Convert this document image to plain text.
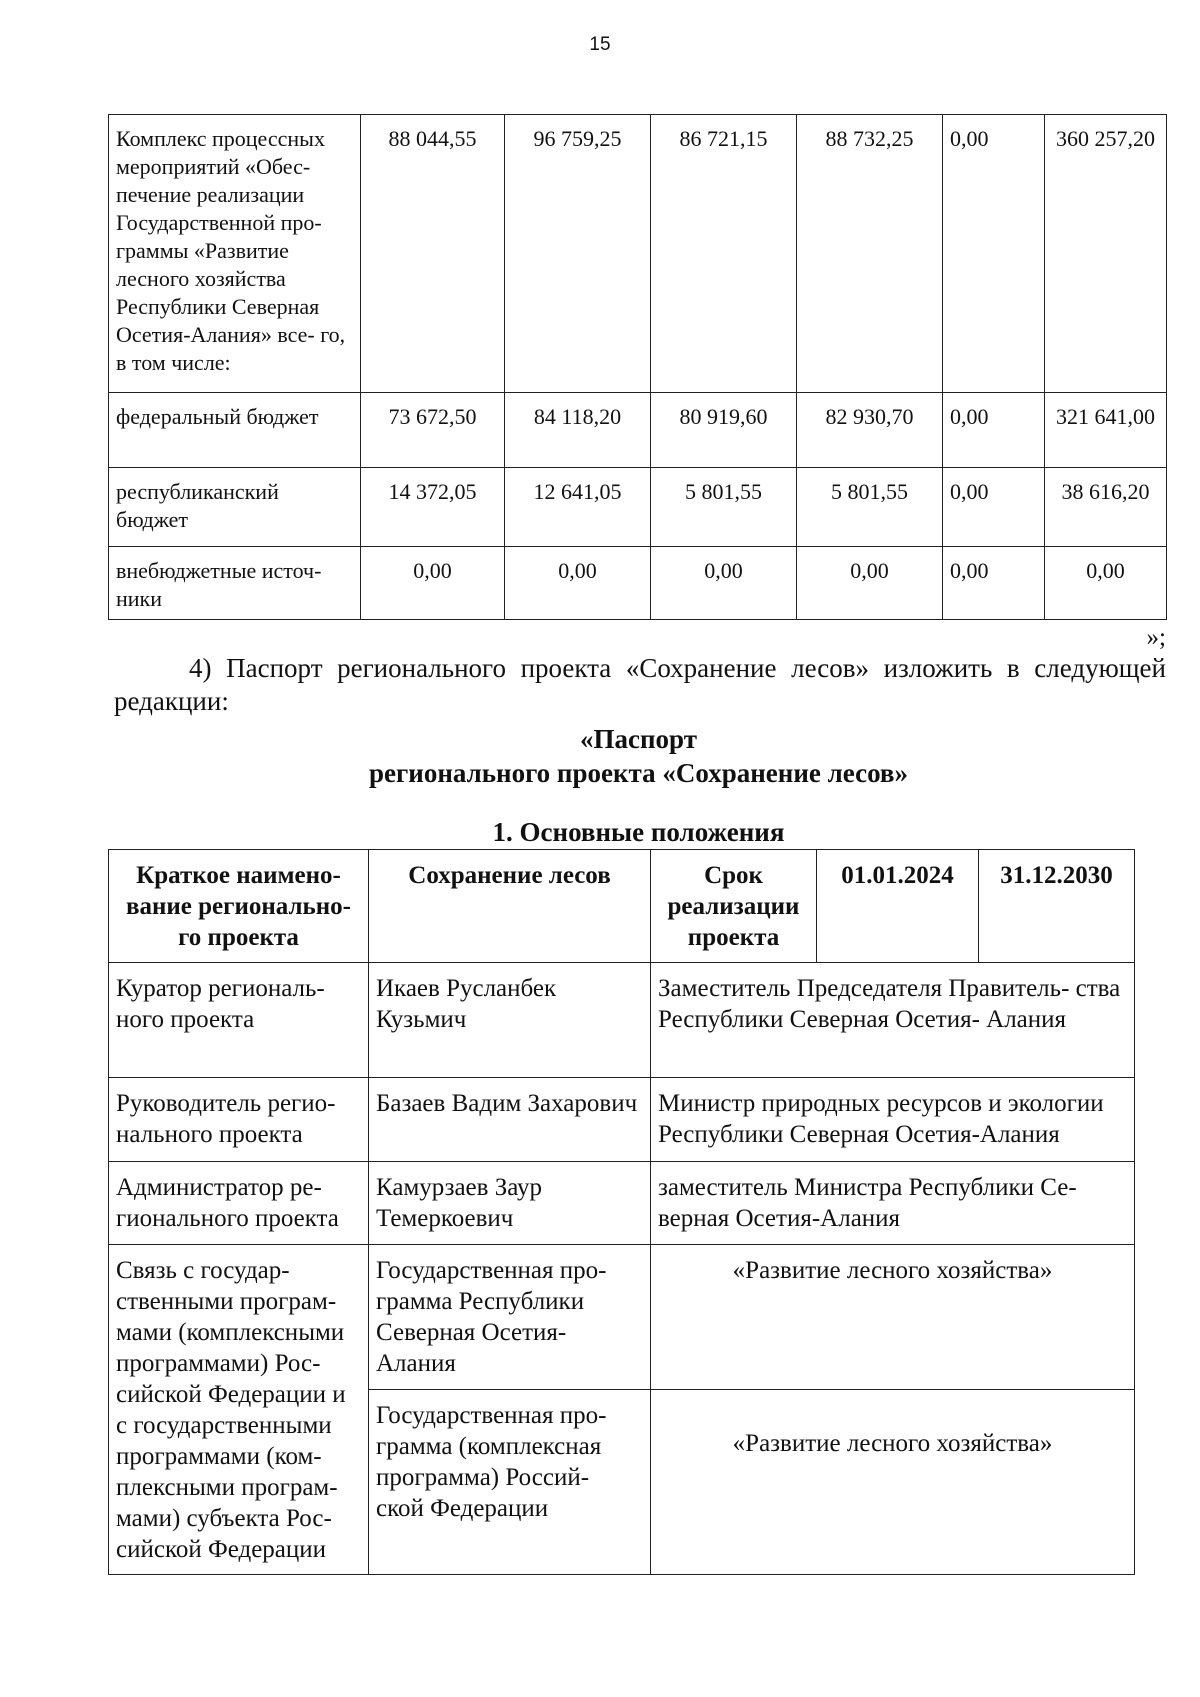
15
Комплекс процессных мероприятий «Обес- печение реализации Государственной про- граммы «Развитие лесного хозяйства Республики Северная Осетия-Алания» все- го, в том числе:	88 044,55	96 759,25	86 721,15	88 732,25	0,00	360 257,20
федеральный бюджет	73 672,50	84 118,20	80 919,60	82 930,70	0,00	321 641,00
республиканский бюджет	14 372,05	12 641,05	5 801,55	5 801,55	0,00	38 616,20
внебюджетные источ- ники	0,00	0,00	0,00	0,00	0,00	0,00
»;

4) Паспорт регионального проекта «Сохранение лесов» изложить в следующей редакции:

«Паспорт
регионального проекта «Сохранение лесов»
1. Основные положения
Краткое наимено- вание регионально- го проекта	Сохранение лесов	Срок реализации проекта	01.01.2024	31.12.2030
Куратор региональ- ного проекта	Икаев Русланбек Кузьмич	Заместитель Председателя Правитель- ства Республики Северная Осетия- Алания		
Руководитель регио- нального проекта	Базаев Вадим Захарович	Министр природных ресурсов и экологии Республики Северная Осетия-Алания		
Администратор ре- гионального проекта	Камурзаев Заур Темеркоевич	заместитель Министра Республики Се- верная Осетия-Алания		
Связь с государ- ственными програм- мами (комплексными программами) Рос- сийской Федерации и с государственными программами (ком- плексными програм- мами) субъекта Рос- сийской Федерации	Государственная про- грамма Республики Северная Осетия- Алания	«Развитие лесного хозяйства»		
	Государственная про- грамма (комплексная программа) Россий- ской Федерации	«Развитие лесного хозяйства»		
